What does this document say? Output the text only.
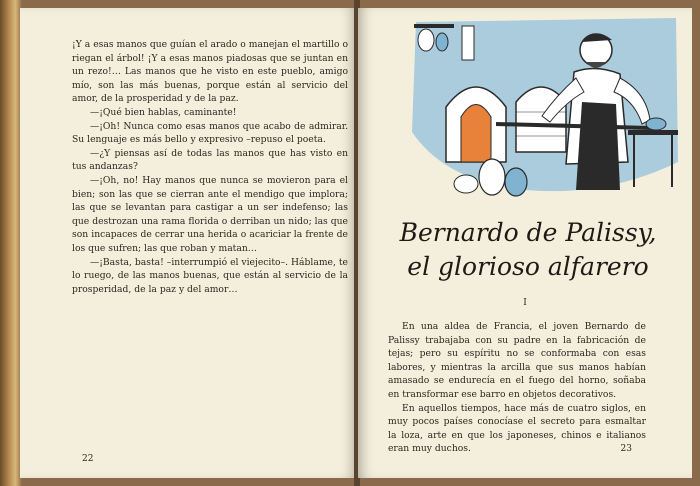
¡Y a esas manos que guían el arado o manejan el martillo o riegan el árbol! ¡Y a esas manos piadosas que se juntan en un rezo!… Las manos que he visto en este pueblo, amigo mío, son las más buenas, porque están al servicio del amor, de la prosperidad y de la paz.

—¡Qué bien hablas, caminante!

—¡Oh! Nunca como esas manos que acabo de admirar. Su lenguaje es más bello y expresivo –repuso el poeta.

—¿Y piensas así de todas las manos que has visto en tus andanzas?

—¡Oh, no! Hay manos que nunca se movieron para el bien; son las que se cierran ante el mendigo que implora; las que se levantan para castigar a un ser indefenso; las que destrozan una rama florida o derriban un nido; las que son incapaces de cerrar una herida o acariciar la frente de los que sufren; las que roban y matan…

—¡Basta, basta! –interrumpió el viejecito–. Háblame, te lo ruego, de las manos buenas, que están al servicio de la prosperidad, de la paz y del amor…

22
Bernardo de Palissy,
el glorioso alfarero
I

En una aldea de Francia, el joven Bernardo de Palissy trabajaba con su padre en la fabricación de tejas; pero su espíritu no se conformaba con esas labores, y mientras la arcilla que sus manos habían amasado se endurecía en el fuego del horno, soñaba en transformar ese barro en objetos decorativos.

En aquellos tiempos, hace más de cuatro siglos, en muy pocos países conocíase el secreto para esmaltar la loza, arte en que los japoneses, chinos e italianos eran muy duchos.	23
